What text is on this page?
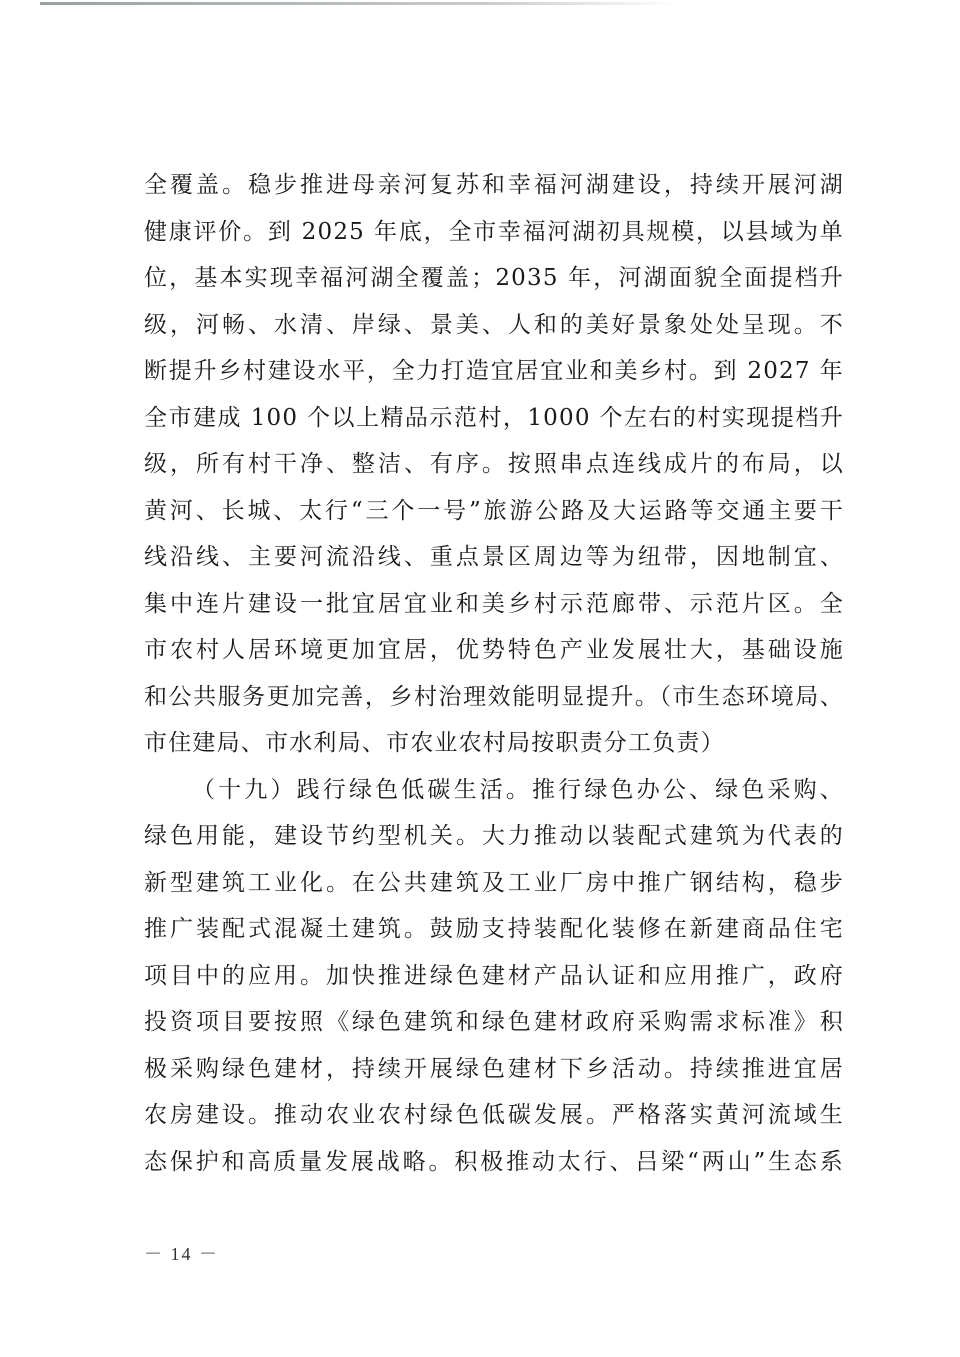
全覆盖。稳步推进母亲河复苏和幸福河湖建设，持续开展河湖
健康评价。到 2025 年底，全市幸福河湖初具规模，以县域为单
位，基本实现幸福河湖全覆盖；2035 年，河湖面貌全面提档升
级，河畅、水清、岸绿、景美、人和的美好景象处处呈现。不
断提升乡村建设水平，全力打造宜居宜业和美乡村。到 2027 年
全市建成 100 个以上精品示范村，1000 个左右的村实现提档升
级，所有村干净、整洁、有序。按照串点连线成片的布局，以
黄河、长城、太行“三个一号”旅游公路及大运路等交通主要干
线沿线、主要河流沿线、重点景区周边等为纽带，因地制宜、
集中连片建设一批宜居宜业和美乡村示范廊带、示范片区。全
市农村人居环境更加宜居，优势特色产业发展壮大，基础设施
和公共服务更加完善，乡村治理效能明显提升。（市生态环境局、
市住建局、市水利局、市农业农村局按职责分工负责）
（十九）践行绿色低碳生活。推行绿色办公、绿色采购、
绿色用能，建设节约型机关。大力推动以装配式建筑为代表的
新型建筑工业化。在公共建筑及工业厂房中推广钢结构，稳步
推广装配式混凝土建筑。鼓励支持装配化装修在新建商品住宅
项目中的应用。加快推进绿色建材产品认证和应用推广，政府
投资项目要按照《绿色建筑和绿色建材政府采购需求标准》积
极采购绿色建材，持续开展绿色建材下乡活动。持续推进宜居
农房建设。推动农业农村绿色低碳发展。严格落实黄河流域生
态保护和高质量发展战略。积极推动太行、吕梁“两山”生态系
－ 14 －
